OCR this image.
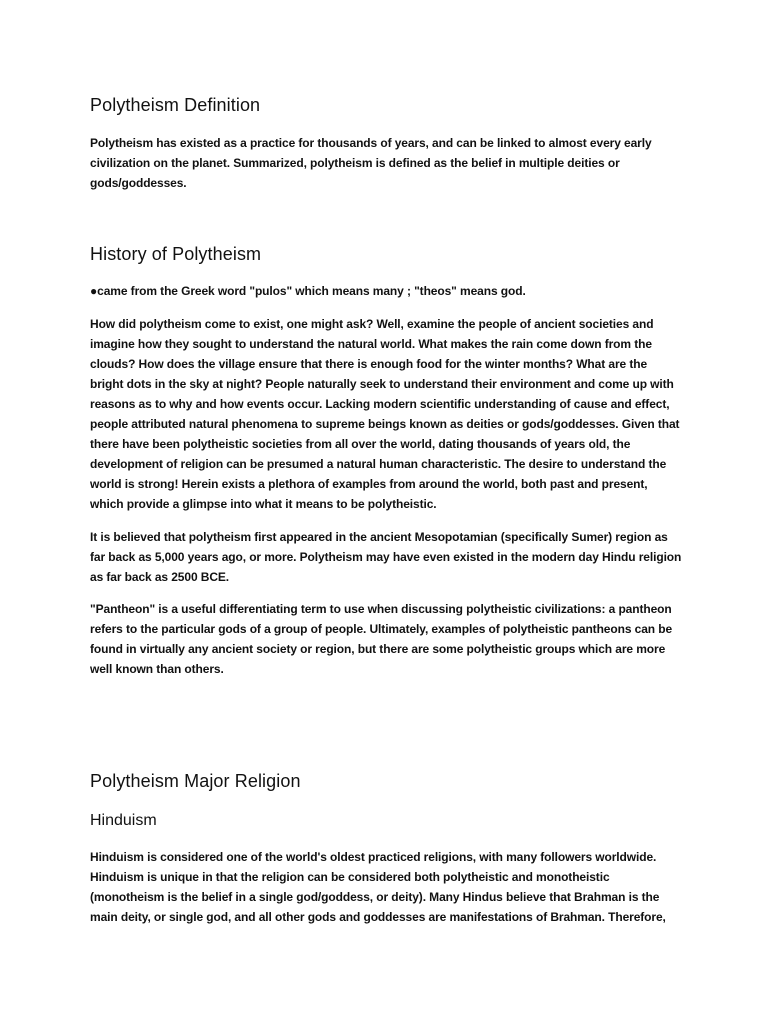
Polytheism Definition

Polytheism has existed as a practice for thousands of years, and can be linked to almost every early civilization on the planet. Summarized, polytheism is defined as the belief in multiple deities or gods/goddesses.

History of Polytheism

●came from the Greek word "pulos" which means many ; "theos" means god.

How did polytheism come to exist, one might ask? Well, examine the people of ancient societies and imagine how they sought to understand the natural world. What makes the rain come down from the clouds? How does the village ensure that there is enough food for the winter months? What are the bright dots in the sky at night? People naturally seek to understand their environment and come up with reasons as to why and how events occur. Lacking modern scientific understanding of cause and effect, people attributed natural phenomena to supreme beings known as deities or gods/goddesses. Given that there have been polytheistic societies from all over the world, dating thousands of years old, the development of religion can be presumed a natural human characteristic. The desire to understand the world is strong! Herein exists a plethora of examples from around the world, both past and present, which provide a glimpse into what it means to be polytheistic.

It is believed that polytheism first appeared in the ancient Mesopotamian (specifically Sumer) region as far back as 5,000 years ago, or more. Polytheism may have even existed in the modern day Hindu religion as far back as 2500 BCE.

"Pantheon" is a useful differentiating term to use when discussing polytheistic civilizations: a pantheon refers to the particular gods of a group of people. Ultimately, examples of polytheistic pantheons can be found in virtually any ancient society or region, but there are some polytheistic groups which are more well known than others.

Polytheism Major Religion
Hinduism

Hinduism is considered one of the world's oldest practiced religions, with many followers worldwide. Hinduism is unique in that the religion can be considered both polytheistic and monotheistic (monotheism is the belief in a single god/goddess, or deity). Many Hindus believe that Brahman is the main deity, or single god, and all other gods and goddesses are manifestations of Brahman. Therefore,
